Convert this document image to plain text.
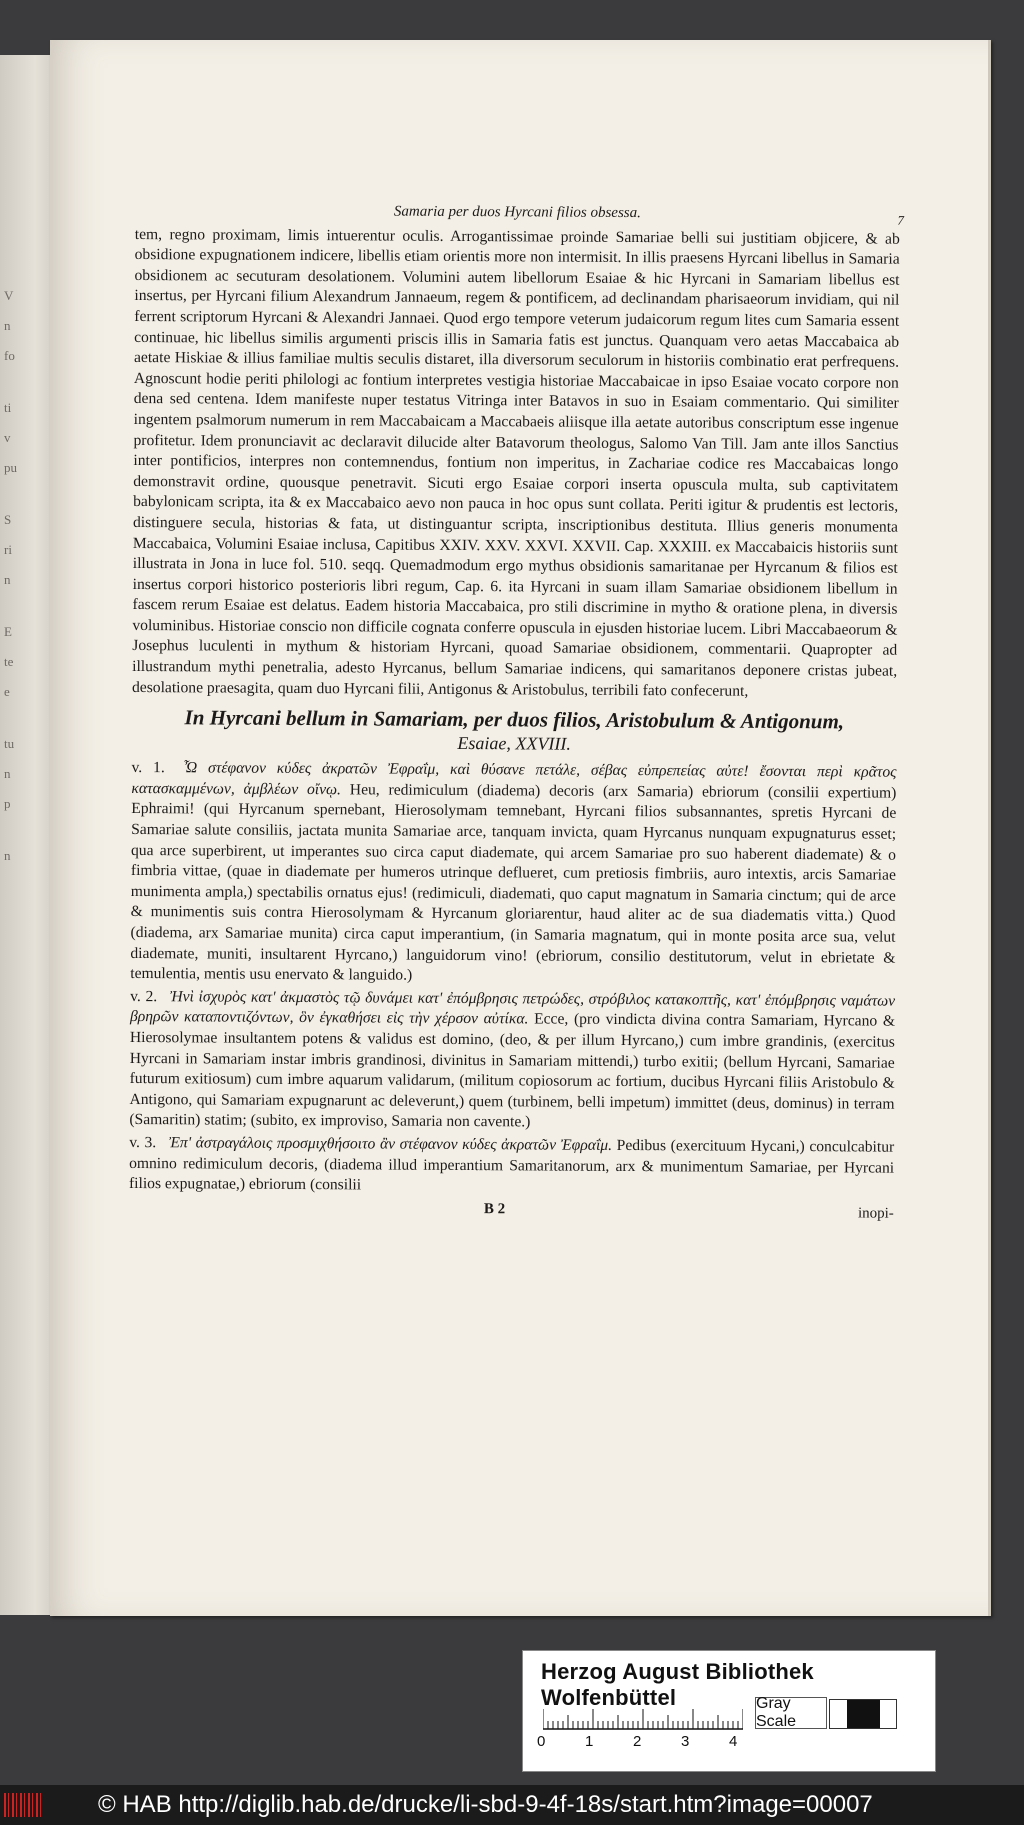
V
n
fo
ti
v
pu
S
ri
n
E
te
e
tu
n
p
n
Samaria per duos Hyrcani filios obsessa.	7

tem, regno proximam, limis intuerentur oculis. Arrogantissimae proinde Samariae belli sui justitiam objicere, & ab obsidione expugnationem indicere, libellis etiam orientis more non intermisit. In illis praesens Hyrcani libellus in Samaria obsidionem ac secuturam desolationem. Volumini autem libellorum Esaiae & hic Hyrcani in Samariam libellus est insertus, per Hyrcani filium Alexandrum Jannaeum, regem & pontificem, ad declinandam pharisaeorum invidiam, qui nil ferrent scriptorum Hyrcani & Alexandri Jannaei. Quod ergo tempore veterum judaicorum regum lites cum Samaria essent continuae, hic libellus similis argumenti priscis illis in Samaria fatis est junctus. Quanquam vero aetas Maccabaica ab aetate Hiskiae & illius familiae multis seculis distaret, illa diversorum seculorum in historiis combinatio erat perfrequens. Agnoscunt hodie periti philologi ac fontium interpretes vestigia historiae Maccabaicae in ipso Esaiae vocato corpore non dena sed centena. Idem manifeste nuper testatus Vitringa inter Batavos in suo in Esaiam commentario. Qui similiter ingentem psalmorum numerum in rem Maccabaicam a Maccabaeis aliisque illa aetate autoribus conscriptum esse ingenue profitetur. Idem pronunciavit ac declaravit dilucide alter Batavorum theologus, Salomo Van Till. Jam ante illos Sanctius inter pontificios, interpres non contemnendus, fontium non imperitus, in Zachariae codice res Maccabaicas longo demonstravit ordine, quousque penetravit. Sicuti ergo Esaiae corpori inserta opuscula multa, sub captivitatem babylonicam scripta, ita & ex Maccabaico aevo non pauca in hoc opus sunt collata. Periti igitur & prudentis est lectoris, distinguere secula, historias & fata, ut distinguantur scripta, inscriptionibus destituta. Illius generis monumenta Maccabaica, Volumini Esaiae inclusa, Capitibus XXIV. XXV. XXVI. XXVII. Cap. XXXIII. ex Maccabaicis historiis sunt illustrata in Jona in luce fol. 510. seqq. Quemadmodum ergo mythus obsidionis samaritanae per Hyrcanum & filios est insertus corpori historico posterioris libri regum, Cap. 6. ita Hyrcani in suam illam Samariae obsidionem libellum in fascem rerum Esaiae est delatus. Eadem historia Maccabaica, pro stili discrimine in mytho & oratione plena, in diversis voluminibus. Historiae conscio non difficile cognata conferre opuscula in ejusden historiae lucem. Libri Maccabaeorum & Josephus luculenti in mythum & historiam Hyrcani, quoad Samariae obsidionem, commentarii. Quapropter ad illustrandum mythi penetralia, adesto Hyrcanus, bellum Samariae indicens, qui samaritanos deponere cristas jubeat, desolatione praesagita, quam duo Hyrcani filii, Antigonus & Aristobulus, terribili fato confecerunt,

In Hyrcani bellum in Samariam, per duos filios, Aristobulum & Antigonum,
Esaiae, XXVIII.

v. 1. Ὦ στέφανον κύδες ἀκρατῶν Ἐφραΐμ, καὶ θύσανε πετάλε, σέβας εὐπρεπείας αὐτε! ἔσονται περὶ κρᾶτος κατασκαμμένων, ἀμβλέων οἴνῳ. Heu, redimiculum (diadema) decoris (arx Samaria) ebriorum (consilii expertium) Ephraimi! (qui Hyrcanum spernebant, Hierosolymam temnebant, Hyrcani filios subsannantes, spretis Hyrcani de Samariae salute consiliis, jactata munita Samariae arce, tanquam invicta, quam Hyrcanus nunquam expugnaturus esset; qua arce superbirent, ut imperantes suo circa caput diademate, qui arcem Samariae pro suo haberent diademate) & o fimbria vittae, (quae in diademate per humeros utrinque deflueret, cum pretiosis fimbriis, auro intextis, arcis Samariae munimenta ampla,) spectabilis ornatus ejus! (redimiculi, diademati, quo caput magnatum in Samaria cinctum; qui de arce & munimentis suis contra Hierosolymam & Hyrcanum gloriarentur, haud aliter ac de sua diadematis vitta.) Quod (diadema, arx Samariae munita) circa caput imperantium, (in Samaria magnatum, qui in monte posita arce sua, velut diademate, muniti, insultarent Hyrcano,) languidorum vino! (ebriorum, consilio destitutorum, velut in ebrietate & temulentia, mentis usu enervato & languido.)

v. 2. Ἠνὶ ἰσχυρὸς κατ' ἀκμαστὸς τῷ δυνάμει κατ' ἐπόμβρησις πετρώδες, στρόβιλος κατακοπτῆς, κατ' ἐπόμβρησις ναμάτων βρηρῶν καταποντιζόντων, ὃν ἐγκαθήσει εἰς τὴν χέρσον αὐτίκα. Ecce, (pro vindicta divina contra Samariam, Hyrcano & Hierosolymae insultantem potens & validus est domino, (deo, & per illum Hyrcano,) cum imbre grandinis, (exercitus Hyrcani in Samariam instar imbris grandinosi, divinitus in Samariam mittendi,) turbo exitii; (bellum Hyrcani, Samariae futurum exitiosum) cum imbre aquarum validarum, (militum copiosorum ac fortium, ducibus Hyrcani filiis Aristobulo & Antigono, qui Samariam expugnarunt ac deleverunt,) quem (turbinem, belli impetum) immittet (deus, dominus) in terram (Samaritin) statim; (subito, ex improviso, Samaria non cavente.)

v. 3. Ἐπ' ἀστραγάλοις προσμιχθήσοιτο ἂν στέφανον κύδες ἀκρατῶν Ἐφραΐμ. Pedibus (exercituum Hycani,) conculcabitur omnino redimiculum decoris, (diadema illud imperantium Samaritanorum, arx & munimentum Samariae, per Hyrcani filios expugnatae,) ebriorum (consilii

B 2	inopi-
Herzog August Bibliothek Wolfenbüttel
0	1	2	3	4
Gray Scale
© HAB http://diglib.hab.de/drucke/li-sbd-9-4f-18s/start.htm?image=00007
